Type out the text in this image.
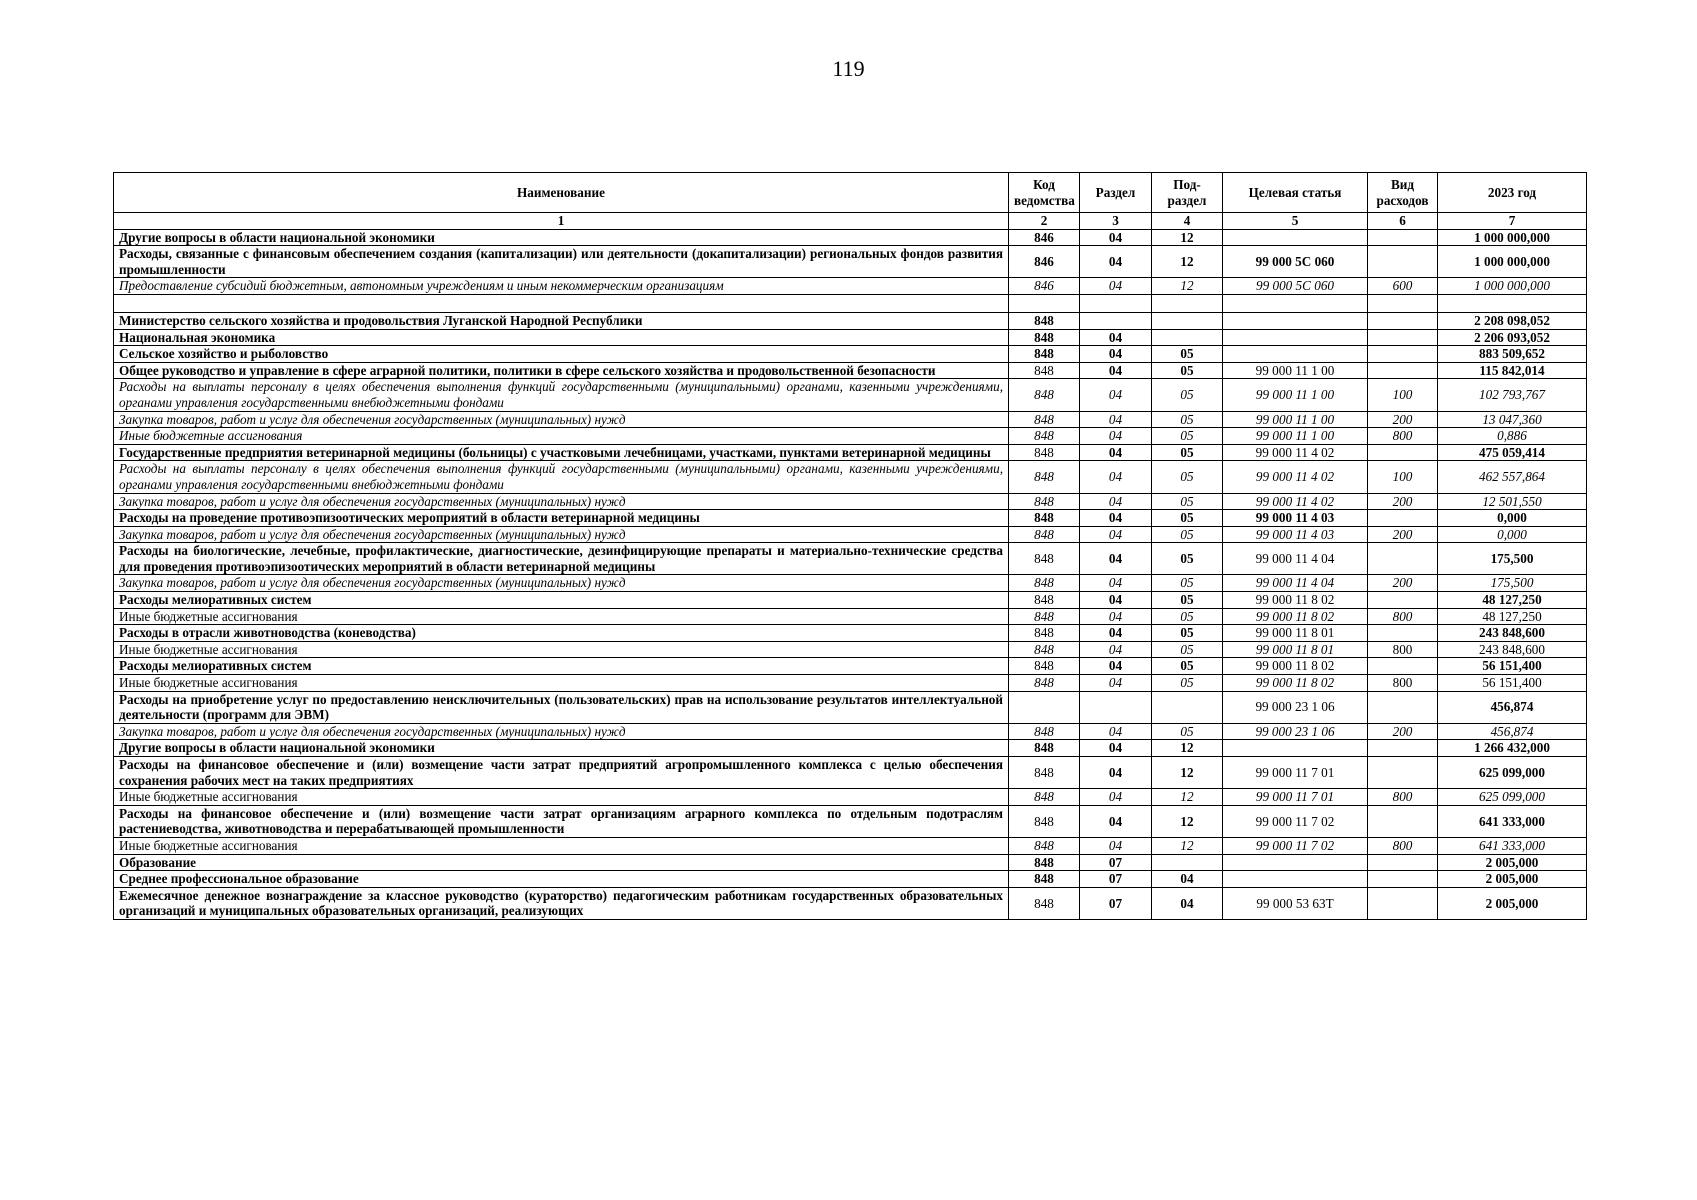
119
Наименование	Код ведомства	Раздел	Под-раздел	Целевая статья	Вид расходов	2023 год
1	2	3	4	5	6	7
Другие вопросы в области национальной экономики	846	04	12			1 000 000,000
Расходы, связанные с финансовым обеспечением создания (капитализации) или деятельности (докапитализации) региональных фондов развития промышленности	846	04	12	99 000 5С 060		1 000 000,000
Предоставление субсидий бюджетным, автономным учреждениям и иным некоммерческим организациям	846	04	12	99 000 5С 060	600	1 000 000,000

Министерство сельского хозяйства и продовольствия Луганской Народной Республики	848					2 208 098,052
Национальная экономика	848	04				2 206 093,052
Сельское хозяйство и рыболовство	848	04	05			883 509,652
Общее руководство и управление в сфере аграрной политики, политики в сфере сельского хозяйства и продовольственной безопасности	848	04	05	99 000 11 1 00		115 842,014
Расходы на выплаты персоналу в целях обеспечения выполнения функций государственными (муниципальными) органами, казенными учреждениями, органами управления государственными внебюджетными фондами	848	04	05	99 000 11 1 00	100	102 793,767
Закупка товаров, работ и услуг для обеспечения государственных (муниципальных) нужд	848	04	05	99 000 11 1 00	200	13 047,360
Иные бюджетные ассигнования	848	04	05	99 000 11 1 00	800	0,886
Государственные предприятия ветеринарной медицины (больницы) с участковыми лечебницами, участками, пунктами ветеринарной медицины	848	04	05	99 000 11 4 02		475 059,414
Расходы на выплаты персоналу в целях обеспечения выполнения функций государственными (муниципальными) органами, казенными учреждениями, органами управления государственными внебюджетными фондами	848	04	05	99 000 11 4 02	100	462 557,864
Закупка товаров, работ и услуг для обеспечения государственных (муниципальных) нужд	848	04	05	99 000 11 4 02	200	12 501,550
Расходы на проведение противоэпизоотических мероприятий в области ветеринарной медицины	848	04	05	99 000 11 4 03		0,000
Закупка товаров, работ и услуг для обеспечения государственных (муниципальных) нужд	848	04	05	99 000 11 4 03	200	0,000
Расходы на биологические, лечебные, профилактические, диагностические, дезинфицирующие препараты и материально-технические средства для проведения противоэпизоотических мероприятий в области ветеринарной медицины	848	04	05	99 000 11 4 04		175,500
Закупка товаров, работ и услуг для обеспечения государственных (муниципальных) нужд	848	04	05	99 000 11 4 04	200	175,500
Расходы мелиоративных систем	848	04	05	99 000 11 8 02		48 127,250
Иные бюджетные ассигнования	848	04	05	99 000 11 8 02	800	48 127,250
Расходы в отрасли животноводства (коневодства)	848	04	05	99 000 11 8 01		243 848,600
Иные бюджетные ассигнования	848	04	05	99 000 11 8 01	800	243 848,600
Расходы мелиоративных систем	848	04	05	99 000 11 8 02		56 151,400
Иные бюджетные ассигнования	848	04	05	99 000 11 8 02	800	56 151,400
Расходы на приобретение услуг по предоставлению неисключительных (пользовательских) прав на использование результатов интеллектуальной деятельности (программ для ЭВМ)				99 000 23 1 06		456,874
Закупка товаров, работ и услуг для обеспечения государственных (муниципальных) нужд	848	04	05	99 000 23 1 06	200	456,874
Другие вопросы в области национальной экономики	848	04	12			1 266 432,000
Расходы на финансовое обеспечение и (или) возмещение части затрат предприятий агропромышленного комплекса с целью обеспечения сохранения рабочих мест на таких предприятиях	848	04	12	99 000 11 7 01		625 099,000
Иные бюджетные ассигнования	848	04	12	99 000 11 7 01	800	625 099,000
Расходы на финансовое обеспечение и (или) возмещение части затрат организациям аграрного комплекса по отдельным подотраслям растениеводства, животноводства и перерабатывающей промышленности	848	04	12	99 000 11 7 02		641 333,000
Иные бюджетные ассигнования	848	04	12	99 000 11 7 02	800	641 333,000
Образование	848	07				2 005,000
Среднее профессиональное образование	848	07	04			2 005,000
Ежемесячное денежное вознаграждение за классное руководство (кураторство) педагогическим работникам государственных образовательных организаций и муниципальных образовательных организаций, реализующих	848	07	04	99 000 53 63Т		2 005,000
